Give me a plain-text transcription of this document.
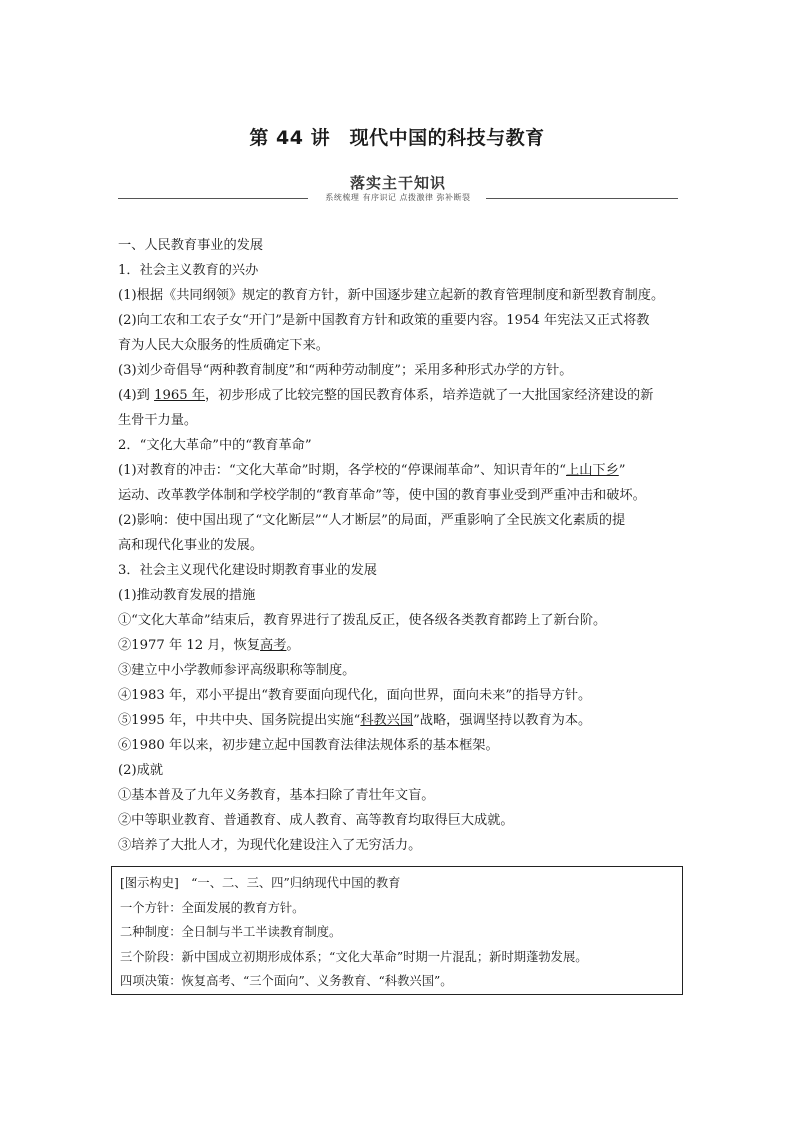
第 44 讲　现代中国的科技与教育
落实主干知识
系统梳理 有序识记 点拨激律 弥补断裂

一、人民教育事业的发展

1．社会主义教育的兴办

(1)根据《共同纲领》规定的教育方针，新中国逐步建立起新的教育管理制度和新型教育制度。

(2)向工农和工农子女“开门”是新中国教育方针和政策的重要内容。1954 年宪法又正式将教

育为人民大众服务的性质确定下来。

(3)刘少奇倡导“两种教育制度”和“两种劳动制度”；采用多种形式办学的方针。

(4)到 1965 年，初步形成了比较完整的国民教育体系，培养造就了一大批国家经济建设的新

生骨干力量。

2．“文化大革命”中的“教育革命”

(1)对教育的冲击：“文化大革命”时期，各学校的“停课闹革命”、知识青年的“上山下乡”

运动、改革教学体制和学校学制的“教育革命”等，使中国的教育事业受到严重冲击和破坏。

(2)影响：使中国出现了“文化断层”“人才断层”的局面，严重影响了全民族文化素质的提

高和现代化事业的发展。

3．社会主义现代化建设时期教育事业的发展

(1)推动教育发展的措施

①“文化大革命”结束后，教育界进行了拨乱反正，使各级各类教育都跨上了新台阶。

②1977 年 12 月，恢复高考。

③建立中小学教师参评高级职称等制度。

④1983 年，邓小平提出“教育要面向现代化，面向世界，面向未来”的指导方针。

⑤1995 年，中共中央、国务院提出实施“科教兴国”战略，强调坚持以教育为本。

⑥1980 年以来，初步建立起中国教育法律法规体系的基本框架。

(2)成就

①基本普及了九年义务教育，基本扫除了青壮年文盲。

②中等职业教育、普通教育、成人教育、高等教育均取得巨大成就。

③培养了大批人才，为现代化建设注入了无穷活力。

[图示构史]　 “一、二、三、四”归纳现代中国的教育

一个方针：全面发展的教育方针。

二种制度：全日制与半工半读教育制度。

三个阶段：新中国成立初期形成体系；“文化大革命”时期一片混乱；新时期蓬勃发展。

四项决策：恢复高考、“三个面向”、义务教育、“科教兴国”。
